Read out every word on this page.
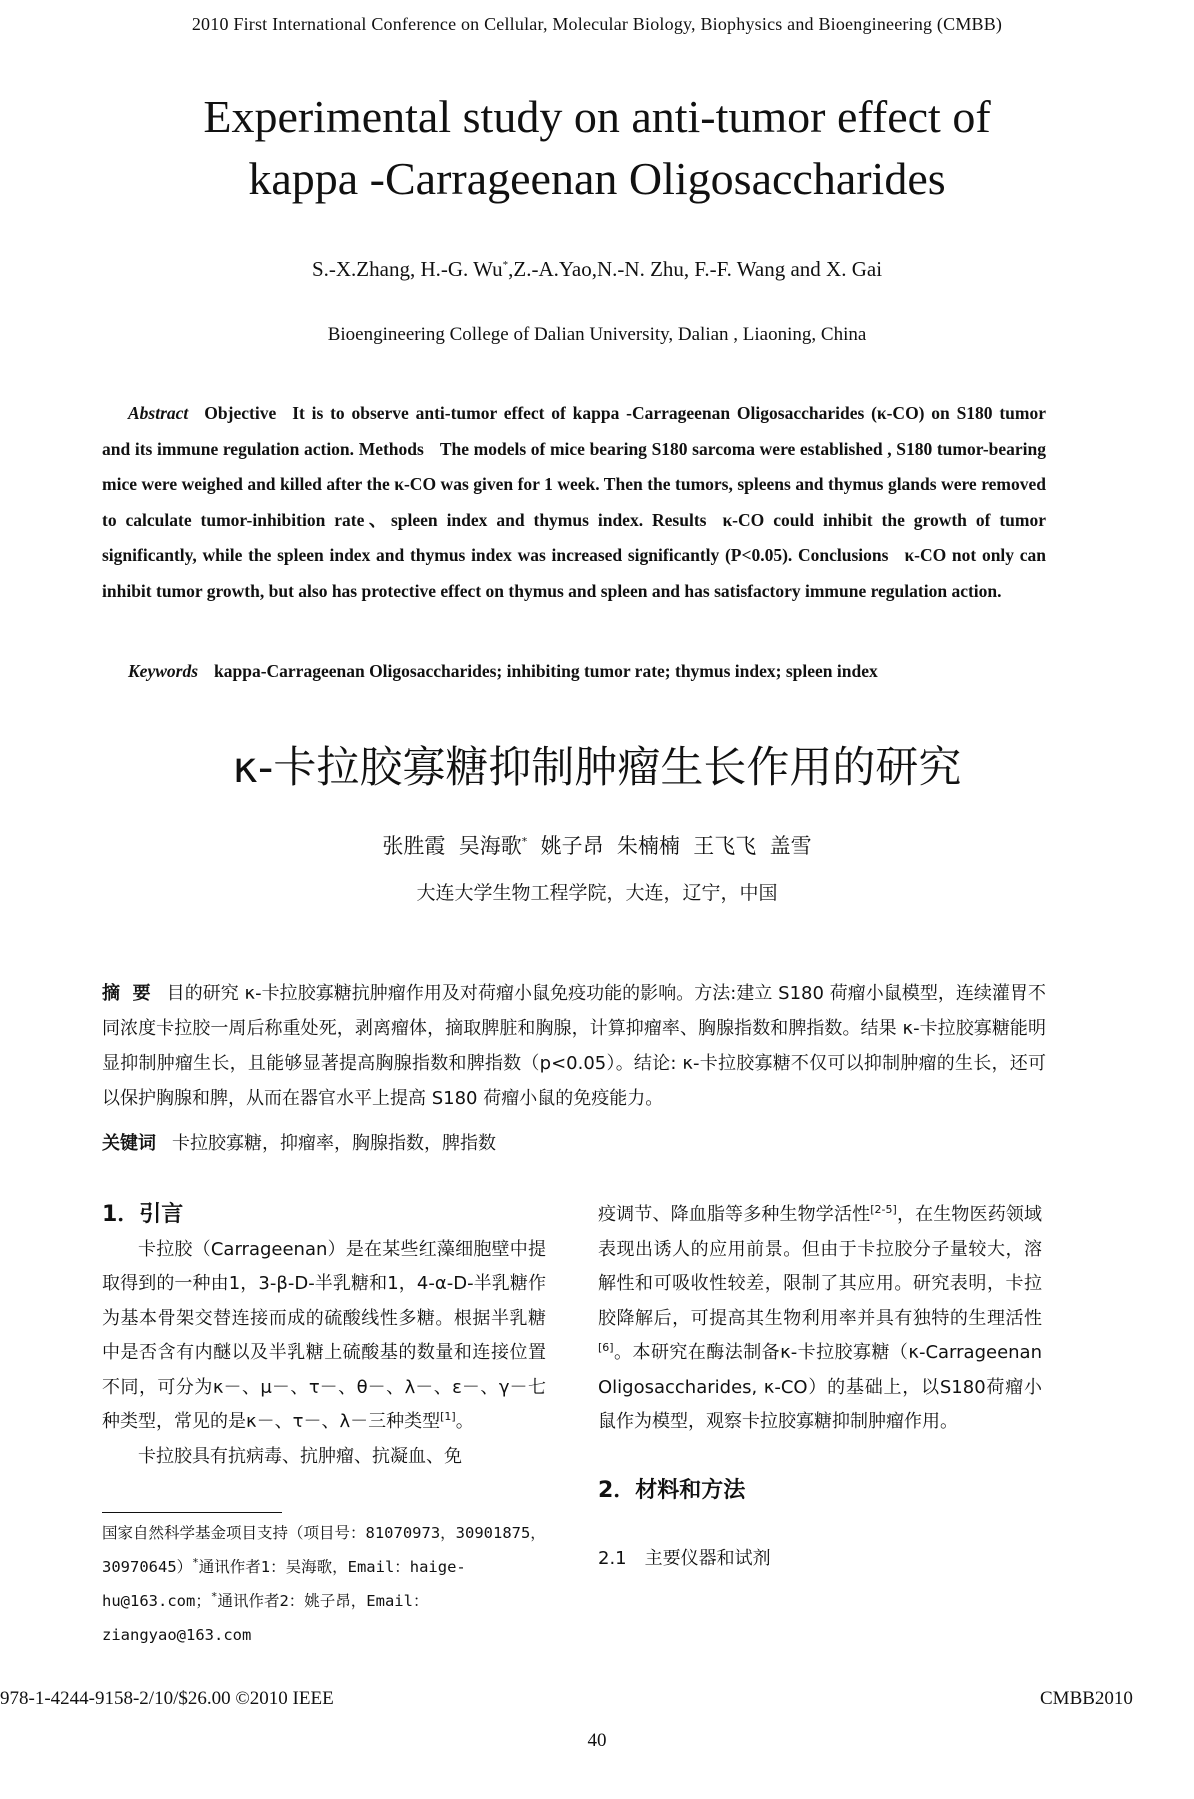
2010 First International Conference on Cellular, Molecular Biology, Biophysics and Bioengineering (CMBB)
Experimental study on anti-tumor effect of
kappa -Carrageenan Oligosaccharides
S.-X.Zhang, H.-G. Wu*,Z.-A.Yao,N.-N. Zhu, F.-F. Wang and X. Gai
Bioengineering College of Dalian University, Dalian , Liaoning, China
Abstract Objective It is to observe anti-tumor effect of kappa -Carrageenan Oligosaccharides (κ-CO) on S180 tumor and its immune regulation action. Methods The models of mice bearing S180 sarcoma were established , S180 tumor-bearing mice were weighed and killed after the κ-CO was given for 1 week. Then the tumors, spleens and thymus glands were removed to calculate tumor-inhibition rate、spleen index and thymus index. Results κ-CO could inhibit the growth of tumor significantly, while the spleen index and thymus index was increased significantly (P<0.05). Conclusions κ-CO not only can inhibit tumor growth, but also has protective effect on thymus and spleen and has satisfactory immune regulation action.
Keywords kappa-Carrageenan Oligosaccharides; inhibiting tumor rate; thymus index; spleen index
κ-卡拉胶寡糖抑制肿瘤生长作用的研究
张胜霞  吴海歌*  姚子昂  朱楠楠  王飞飞  盖雪
大连大学生物工程学院，大连，辽宁，中国
摘  要 目的研究 κ-卡拉胶寡糖抗肿瘤作用及对荷瘤小鼠免疫功能的影响。方法:建立 S180 荷瘤小鼠模型，连续灌胃不同浓度卡拉胶一周后称重处死，剥离瘤体，摘取脾脏和胸腺，计算抑瘤率、胸腺指数和脾指数。结果 κ-卡拉胶寡糖能明显抑制肿瘤生长，且能够显著提高胸腺指数和脾指数（p<0.05）。结论: κ-卡拉胶寡糖不仅可以抑制肿瘤的生长，还可以保护胸腺和脾，从而在器官水平上提高 S180 荷瘤小鼠的免疫能力。
关键词 卡拉胶寡糖，抑瘤率，胸腺指数，脾指数
1．引言
卡拉胶（Carrageenan）是在某些红藻细胞壁中提取得到的一种由1，3-β-D-半乳糖和1，4-α-D-半乳糖作为基本骨架交替连接而成的硫酸线性多糖。根据半乳糖中是否含有内醚以及半乳糖上硫酸基的数量和连接位置不同，可分为κ－、μ－、τ－、θ－、λ－、ε－、γ－七种类型，常见的是κ－、τ－、λ－三种类型[1]。
卡拉胶具有抗病毒、抗肿瘤、抗凝血、免
国家自然科学基金项目支持（项目号：81070973，30901875，30970645）*通讯作者1：吴海歌，Email：haige-hu@163.com；*通讯作者2：姚子昂，Email：ziangyao@163.com
疫调节、降血脂等多种生物学活性[2-5]，在生物医药领域表现出诱人的应用前景。但由于卡拉胶分子量较大，溶解性和可吸收性较差，限制了其应用。研究表明，卡拉胶降解后，可提高其生物利用率并具有独特的生理活性[6]。本研究在酶法制备κ-卡拉胶寡糖（κ-Carrageenan Oligosaccharides, κ-CO）的基础上，以S180荷瘤小鼠作为模型，观察卡拉胶寡糖抑制肿瘤作用。
2．材料和方法
2.1　主要仪器和试剂
978-1-4244-9158-2/10/$26.00 ©2010 IEEE	CMBB2010
40
